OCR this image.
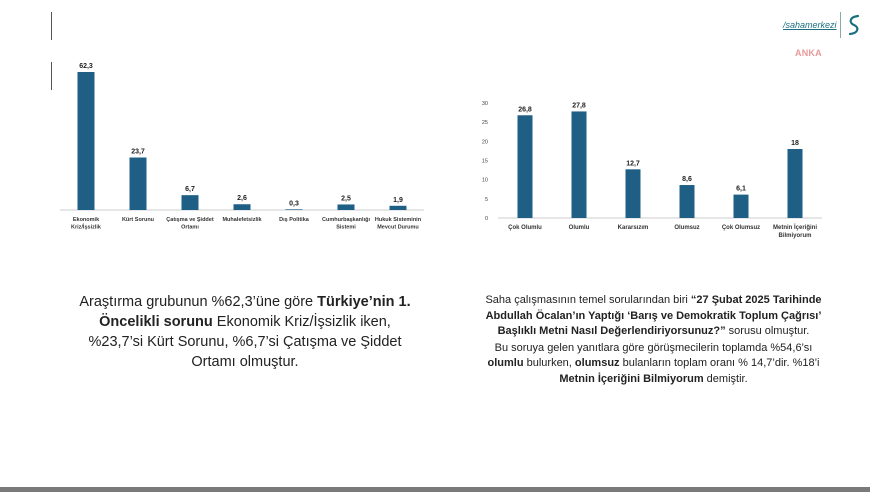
/sahamerkezi
ANKA
62,3
Ekonomik Kriz/İşsizlik
23,7
Kürt Sorunu
6,7
Çatışma ve Şiddet Ortamı
2,6
Muhalefetsizlik
0,3
Dış Politika
2,5
Cumhurbaşkanlığı Sistemi
1,9
Hukuk Sisteminin Mevcut Durumu
0
5
10
15
20
25
30
26,8
Çok Olumlu
27,8
Olumlu
12,7
Kararsızım
8,6
Olumsuz
6,1
Çok Olumsuz
18
Metnin İçeriğini Bilmiyorum
Araştırma grubunun %62,3’üne göre Türkiye’nin 1. Öncelikli sorunu Ekonomik Kriz/İşsizlik iken, %23,7’si Kürt Sorunu, %6,7’si Çatışma ve Şiddet Ortamı olmuştur.
Saha çalışmasının temel sorularından biri “27 Şubat 2025 Tarihinde Abdullah Öcalan’ın Yaptığı ‘Barış ve Demokratik Toplum Çağrısı’ Başlıklı Metni Nasıl Değerlendiriyorsunuz?” sorusu olmuştur.
Bu soruya gelen yanıtlara göre görüşmecilerin toplamda %54,6’sı olumlu bulurken, olumsuz bulanların toplam oranı % 14,7’dir. %18’i Metnin İçeriğini Bilmiyorum demiştir.
